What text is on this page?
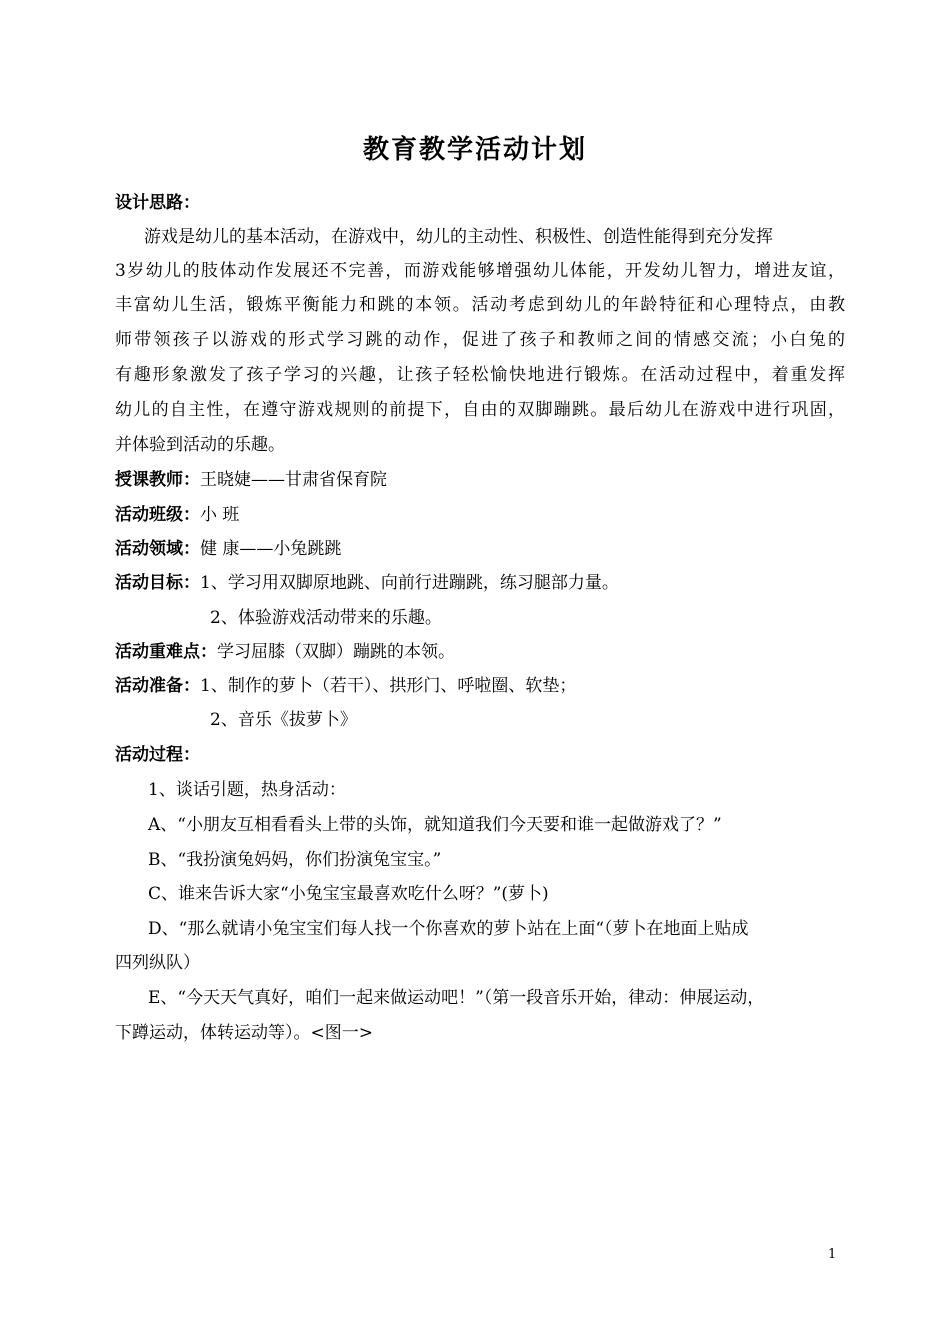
教育教学活动计划
设计思路：
游戏是幼儿的基本活动，在游戏中，幼儿的主动性、积极性、创造性能得到充分发挥
3岁幼儿的肢体动作发展还不完善，而游戏能够增强幼儿体能，开发幼儿智力，增进友谊，
丰富幼儿生活，锻炼平衡能力和跳的本领。活动考虑到幼儿的年龄特征和心理特点，由教
师带领孩子以游戏的形式学习跳的动作，促进了孩子和教师之间的情感交流；小白兔的
有趣形象激发了孩子学习的兴趣，让孩子轻松愉快地进行锻炼。在活动过程中，着重发挥
幼儿的自主性，在遵守游戏规则的前提下，自由的双脚蹦跳。最后幼儿在游戏中进行巩固，
并体验到活动的乐趣。
授课教师：王晓婕——甘肃省保育院
活动班级：小 班
活动领域：健 康——小兔跳跳
活动目标：1、学习用双脚原地跳、向前行进蹦跳，练习腿部力量。
2、体验游戏活动带来的乐趣。
活动重难点：学习屈膝（双脚）蹦跳的本领。
活动准备：1、制作的萝卜（若干）、拱形门、呼啦圈、软垫；
2、音乐《拔萝卜》
活动过程：
1、谈话引题，热身活动：
A、“小朋友互相看看头上带的头饰，就知道我们今天要和谁一起做游戏了？”
B、“我扮演兔妈妈，你们扮演兔宝宝。”
C、谁来告诉大家“小兔宝宝最喜欢吃什么呀？”(萝卜)
D、“那么就请小兔宝宝们每人找一个你喜欢的萝卜站在上面“（萝卜在地面上贴成
四列纵队）
E、“今天天气真好，咱们一起来做运动吧！”（第一段音乐开始，律动：伸展运动，
下蹲运动，体转运动等）。<图一>
1
